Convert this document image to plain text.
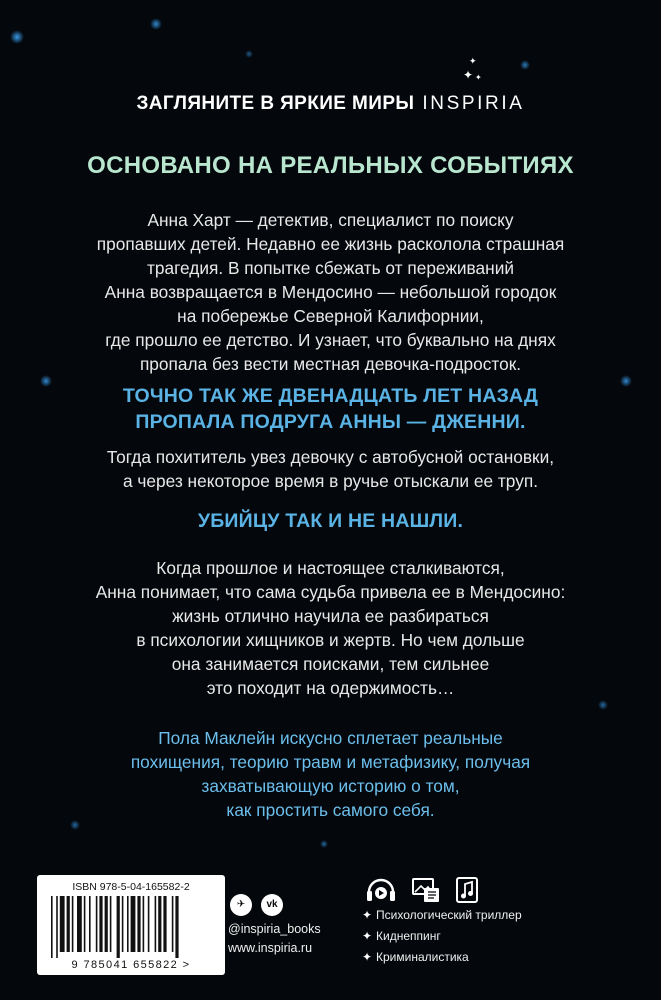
✦
✦ ✦
ЗАГЛЯНИТЕ В ЯРКИЕ МИРЫ INSPIRIA
ОСНОВАНО НА РЕАЛЬНЫХ СОБЫТИЯХ
Анна Харт — детектив, специалист по поиску
пропавших детей. Недавно ее жизнь расколола страшная
трагедия. В попытке сбежать от переживаний
Анна возвращается в Мендосино — небольшой городок
на побережье Северной Калифорнии,
где прошло ее детство. И узнает, что буквально на днях
пропала без вести местная девочка-подросток.
ТОЧНО ТАК ЖЕ ДВЕНАДЦАТЬ ЛЕТ НАЗАД
ПРОПАЛА ПОДРУГА АННЫ — ДЖЕННИ.
Тогда похититель увез девочку с автобусной остановки,
а через некоторое время в ручье отыскали ее труп.
УБИЙЦУ ТАК И НЕ НАШЛИ.
Когда прошлое и настоящее сталкиваются,
Анна понимает, что сама судьба привела ее в Мендосино:
жизнь отлично научила ее разбираться
в психологии хищников и жертв. Но чем дольше
она занимается поисками, тем сильнее
это походит на одержимость…
Пола Маклейн искусно сплетает реальные
похищения, теорию травм и метафизику, получая
захватывающую историю о том,
как простить самого себя.
ISBN 978-5-04-165582-2
9 785041 655822 >
✈	vk
@inspiria_books
www.inspiria.ru
✦ Психологический триллер
✦ Киднеппинг
✦ Криминалистика
